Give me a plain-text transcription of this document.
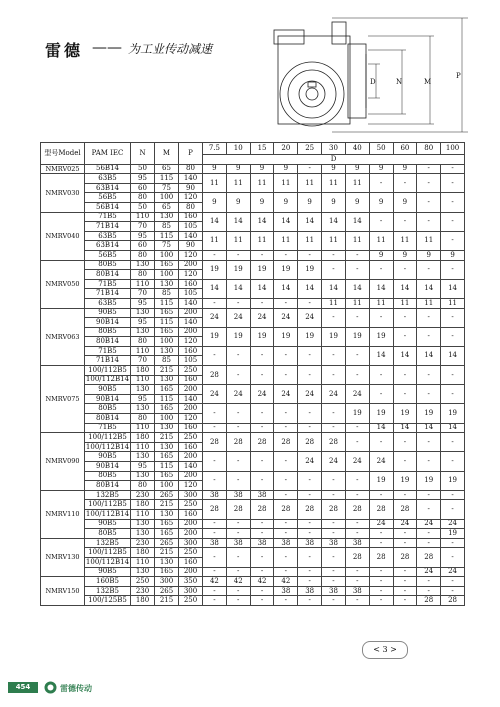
雷德 —— 为工业传动减速
D	N	M
P
型号Model	PAM IEC	N	M	P	7.5	10	15	20	25	30	40	50	60	80	100
					D										
NMRV025	56B14	50	65	80	9	9	9	9	-	9	9	9	9	-	-
NMRV030	63B5	95	115	140	11	11	11	11	11	11	11	-	-	-	-
	63B14	60	75	90											
	56B5	80	100	120	9	9	9	9	9	9	9	9	9	-	-
	56B14	50	65	80											
NMRV040	71B5	110	130	160	14	14	14	14	14	14	14	-	-	-	-
	71B14	70	85	105											
	63B5	95	115	140	11	11	11	11	11	11	11	11	11	11	-
	63B14	60	75	90											
	56B5	80	100	120	-	-	-	-	-	-	-	9	9	9	9
NMRV050	80B5	130	165	200	19	19	19	19	19	-	-	-	-	-	-
	80B14	80	100	120											
	71B5	110	130	160	14	14	14	14	14	14	14	14	14	14	14
	71B14	70	85	105											
	63B5	95	115	140	-	-	-	-	-	11	11	11	11	11	11
NMRV063	90B5	130	165	200	24	24	24	24	24	-	-	-	-	-	-
	90B14	95	115	140											
	80B5	130	165	200	19	19	19	19	19	19	19	19	-	-	-
	80B14	80	100	120											
	71B5	110	130	160	-	-	-	-	-	-	-	14	14	14	14
	71B14	70	85	105											
NMRV075	100/112B5	180	215	250	28	-	-	-	-	-	-	-	-	-	-
	100/112B14	110	130	160											
	90B5	130	165	200	24	24	24	24	24	24	24	-	-	-	-
	90B14	95	115	140											
	80B5	130	165	200	-	-	-	-	-	-	19	19	19	19	19
	80B14	80	100	120											
	71B5	110	130	160	-	-	-	-	-	-	-	14	14	14	14
NMRV090	100/112B5	180	215	250	28	28	28	28	28	28	-	-	-	-	-
	100/112B14	110	130	160											
	90B5	130	165	200	-	-	-	-	24	24	24	24	-	-	-
	90B14	95	115	140											
	80B5	130	165	200	-	-	-	-	-	-	-	19	19	19	19
	80B14	80	100	120											
NMRV110	132B5	230	265	300	38	38	38	-	-	-	-	-	-	-	-
	100/112B5	180	215	250	28	28	28	28	28	28	28	28	28	-	-
	100/112B14	110	130	160											
	90B5	130	165	200	-	-	-	-	-	-	-	24	24	24	24
	80B5	130	165	200	-	-	-	-	-	-	-	-	-	-	19
NMRV130	132B5	230	265	300	38	38	38	38	38	38	38	-	-	-	-
	100/112B5	180	215	250	-	-	-	-	-	-	28	28	28	28	-
	100/112B14	110	130	160											
	90B5	130	165	200	-	-	-	-	-	-	-	-	-	24	24
NMRV150	160B5	250	300	350	42	42	42	42	-	-	-	-	-	-	-
	132B5	230	265	300	-	-	-	38	38	38	38	-	-	-	-
	100/125B5	180	215	250	-	-	-	-	-	-	-	-	-	28	28
< 3 >
454	雷德传动
